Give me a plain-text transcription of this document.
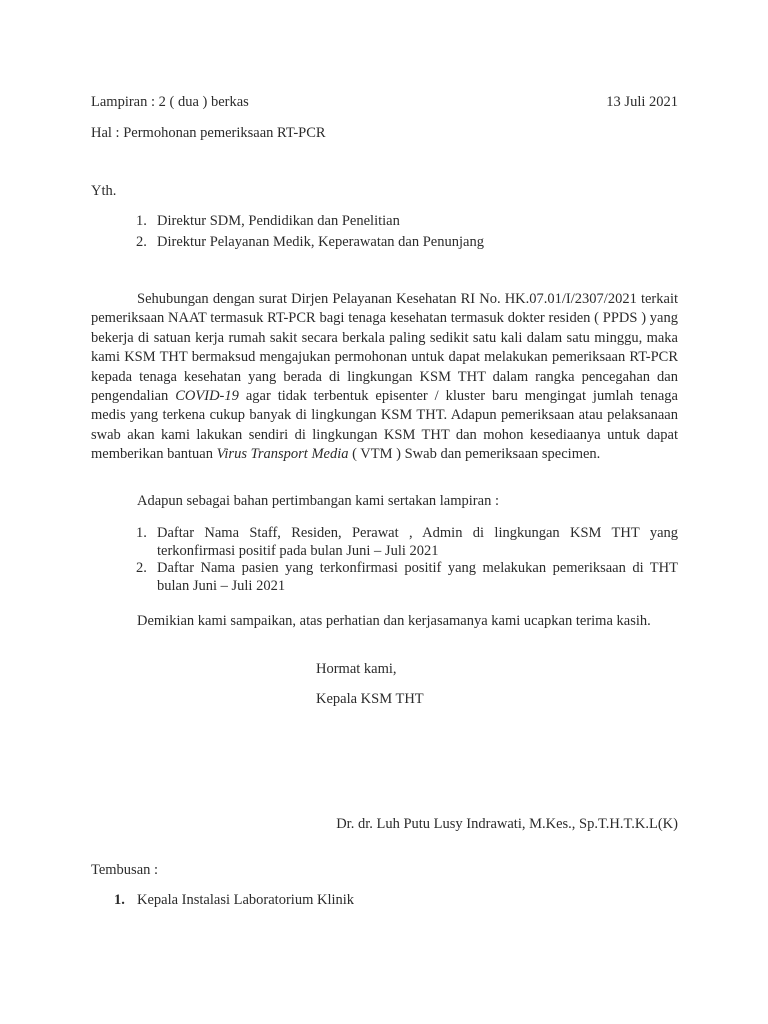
Lampiran : 2 ( dua ) berkas	13 Juli 2021
Hal : Permohonan pemeriksaan RT-PCR
Yth.
1. Direktur SDM, Pendidikan dan Penelitian
2. Direktur Pelayanan Medik, Keperawatan dan Penunjang

Sehubungan dengan surat Dirjen Pelayanan Kesehatan RI No. HK.07.01/I/2307/2021 terkait pemeriksaan NAAT termasuk RT-PCR bagi tenaga kesehatan termasuk dokter residen ( PPDS ) yang bekerja di satuan kerja rumah sakit secara berkala paling sedikit satu kali dalam satu minggu, maka kami KSM THT bermaksud mengajukan permohonan untuk dapat melakukan pemeriksaan RT-PCR kepada tenaga kesehatan yang berada di lingkungan KSM THT dalam rangka pencegahan dan pengendalian COVID-19 agar tidak terbentuk episenter / kluster baru mengingat jumlah tenaga medis yang terkena cukup banyak di lingkungan KSM THT. Adapun pemeriksaan atau pelaksanaan swab akan kami lakukan sendiri di lingkungan KSM THT dan mohon kesediaanya untuk dapat memberikan bantuan Virus Transport Media ( VTM ) Swab dan pemeriksaan specimen.

Adapun sebagai bahan pertimbangan kami sertakan lampiran :
1. Daftar Nama Staff, Residen, Perawat , Admin di lingkungan KSM THT yang terkonfirmasi positif pada bulan Juni – Juli 2021
2. Daftar Nama pasien yang terkonfirmasi positif yang melakukan pemeriksaan di THT bulan Juni – Juli 2021
Demikian kami sampaikan, atas perhatian dan kerjasamanya kami ucapkan terima kasih.
Hormat kami,
Kepala KSM THT
Dr. dr. Luh Putu Lusy Indrawati, M.Kes., Sp.T.H.T.K.L(K)
Tembusan :
1. Kepala Instalasi Laboratorium Klinik
